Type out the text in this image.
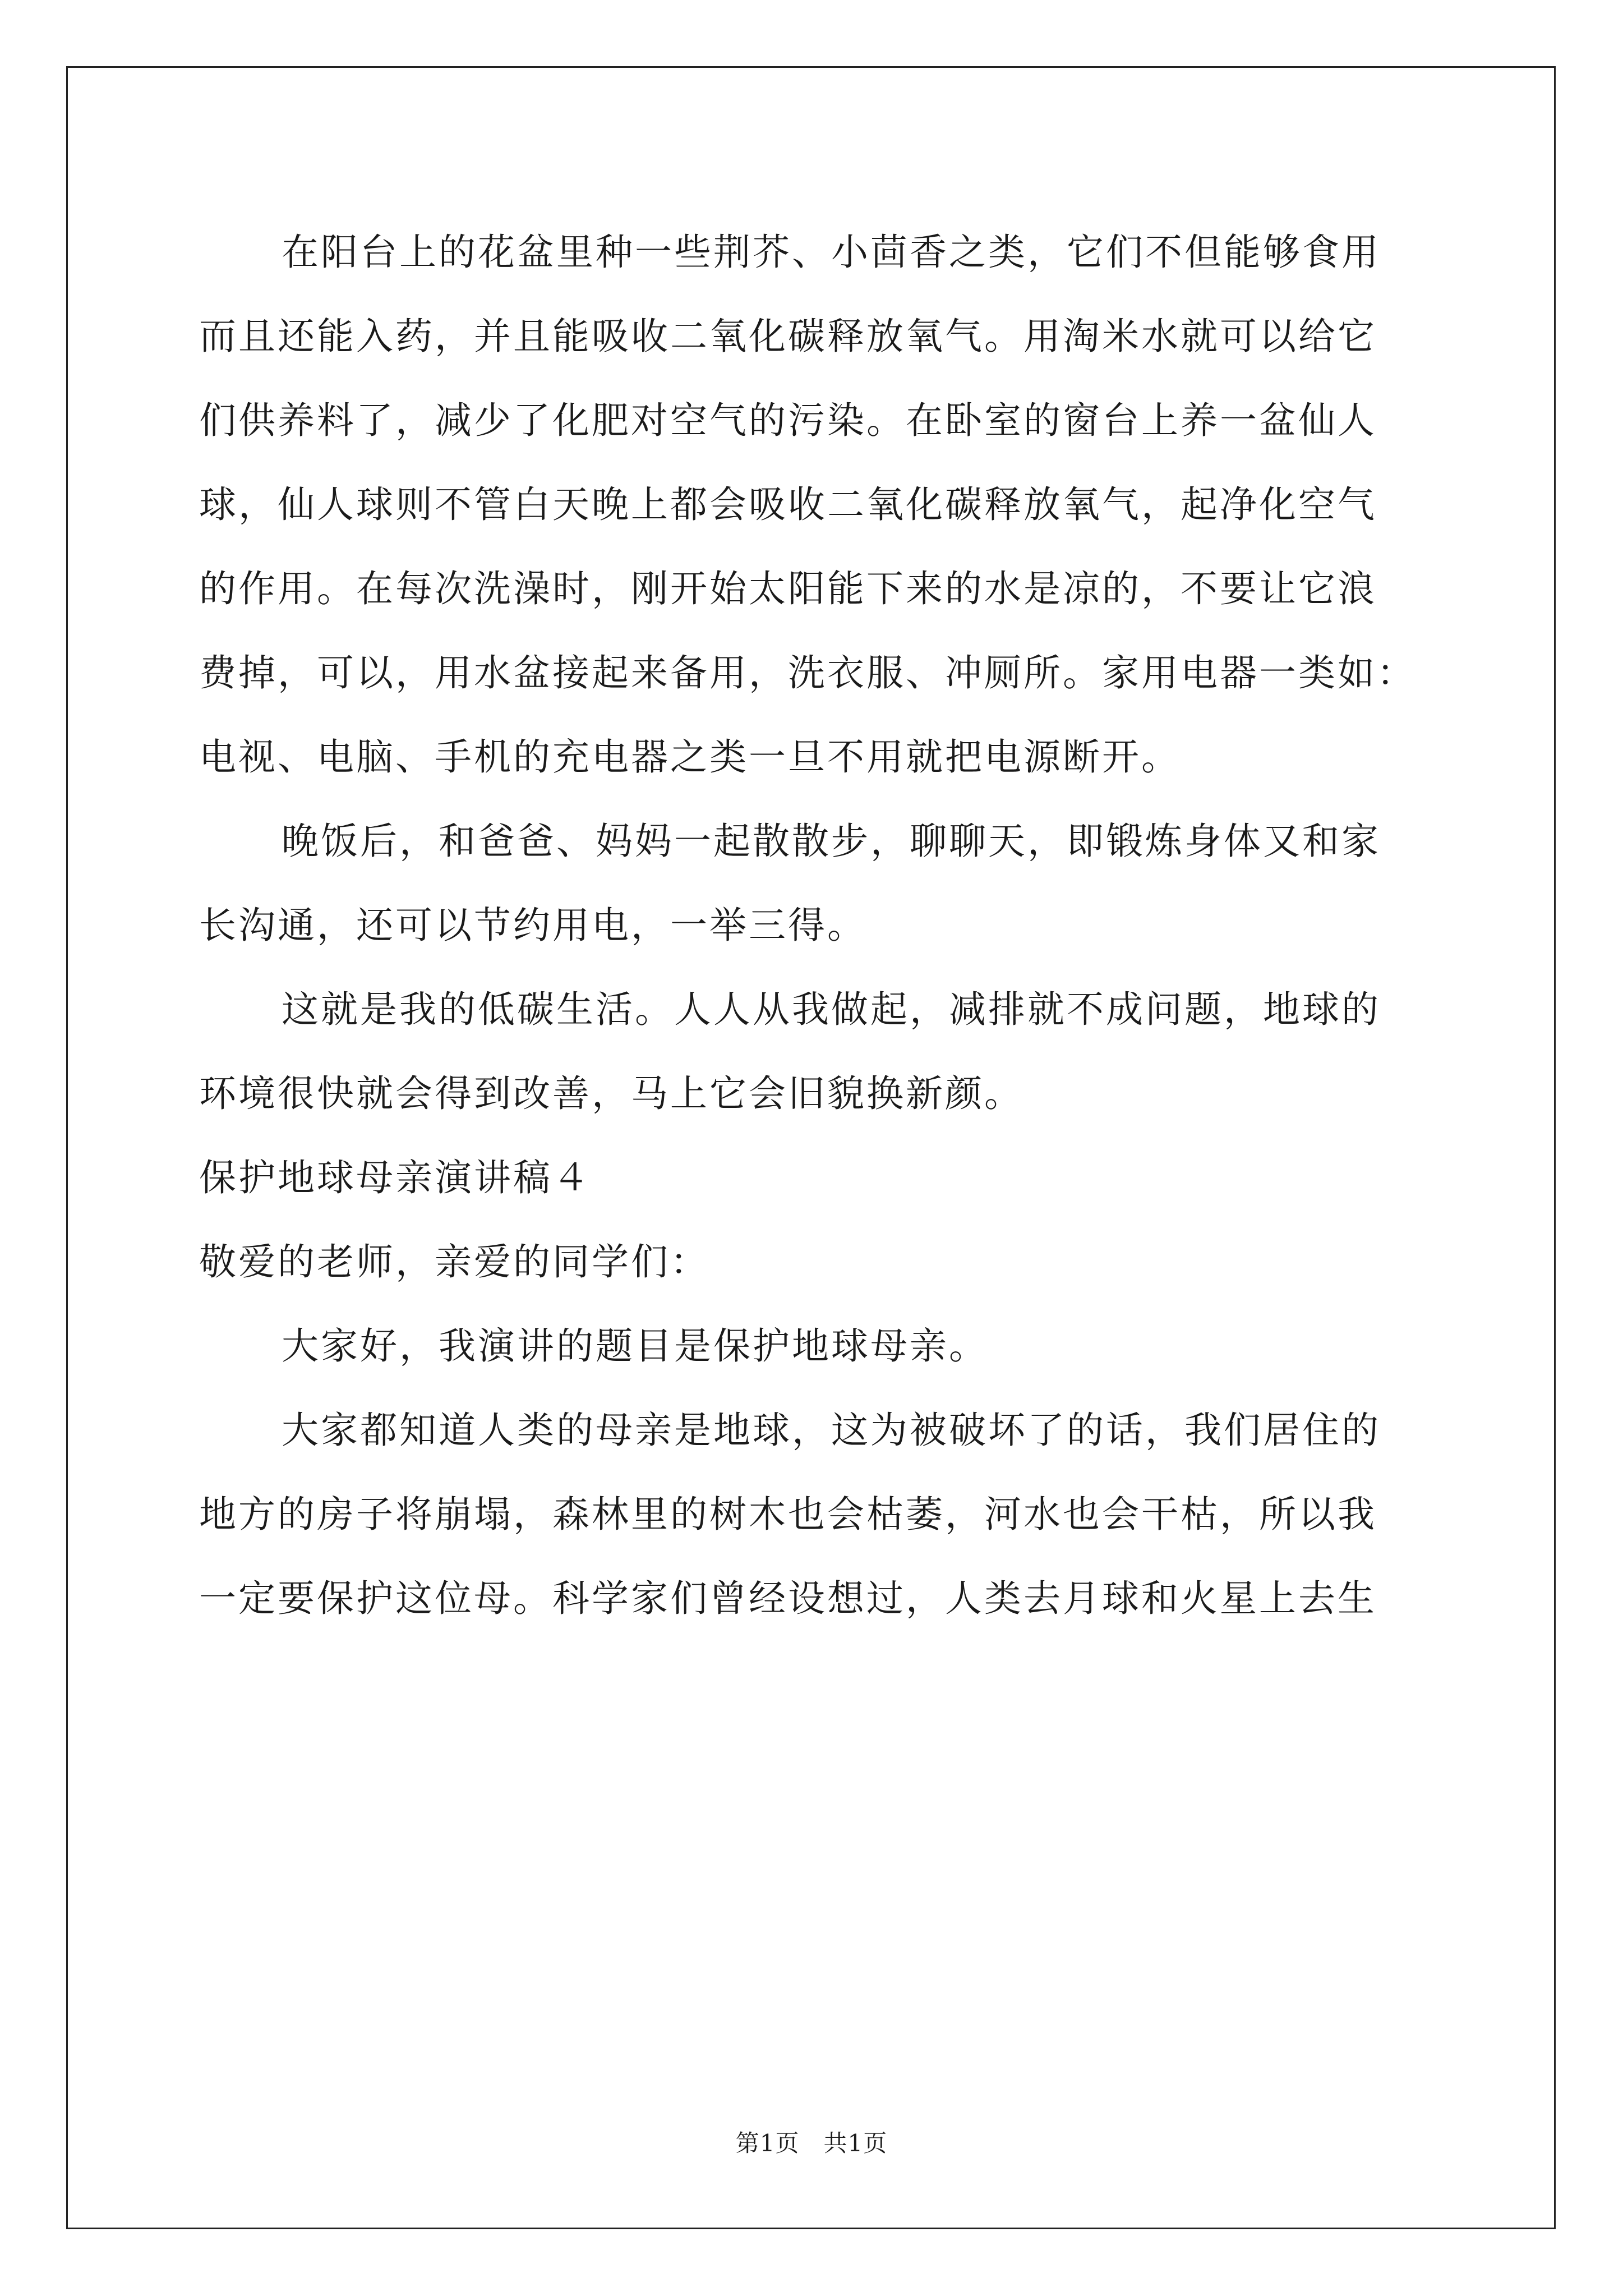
在阳台上的花盆里种一些荆芥、小茴香之类，它们不但能够食用

而且还能入药，并且能吸收二氧化碳释放氧气。用淘米水就可以给它

们供养料了，减少了化肥对空气的污染。在卧室的窗台上养一盆仙人

球，仙人球则不管白天晚上都会吸收二氧化碳释放氧气，起净化空气

的作用。在每次洗澡时，刚开始太阳能下来的水是凉的，不要让它浪

费掉，可以，用水盆接起来备用，洗衣服、冲厕所。家用电器一类如：

电视、电脑、手机的充电器之类一旦不用就把电源断开。

晚饭后，和爸爸、妈妈一起散散步，聊聊天，即锻炼身体又和家

长沟通，还可以节约用电，一举三得。

这就是我的低碳生活。人人从我做起，减排就不成问题，地球的

环境很快就会得到改善，马上它会旧貌换新颜。

保护地球母亲演讲稿４

敬爱的老师，亲爱的同学们：

大家好，我演讲的题目是保护地球母亲。

大家都知道人类的母亲是地球，这为被破坏了的话，我们居住的

地方的房子将崩塌，森林里的树木也会枯萎，河水也会干枯，所以我

一定要保护这位母。科学家们曾经设想过，人类去月球和火星上去生

第1页   共1页
